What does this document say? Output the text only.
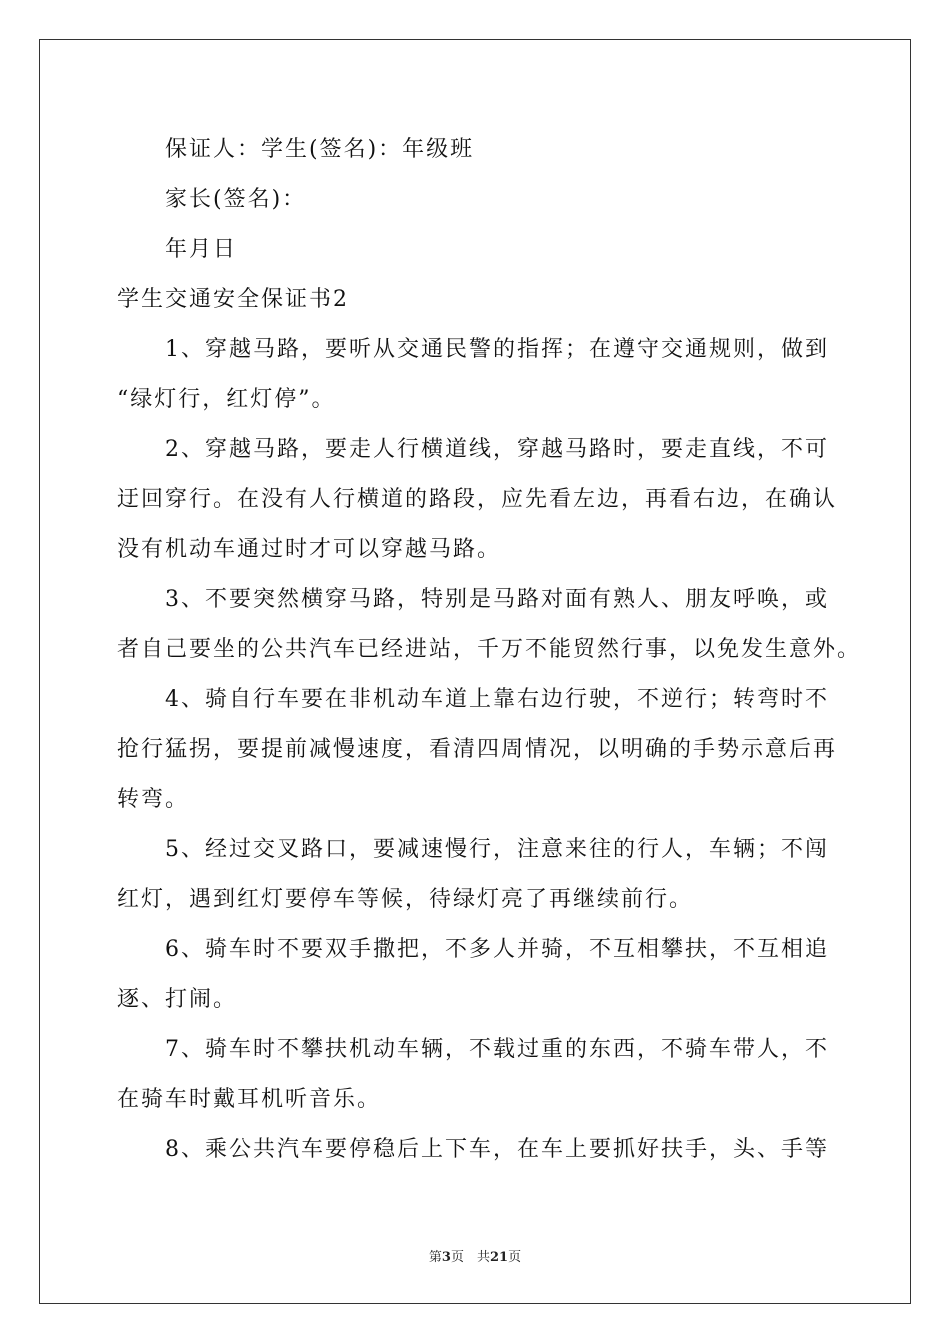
保证人：学生(签名)：年级班
家长(签名)：
年月日
学生交通安全保证书2
1、穿越马路，要听从交通民警的指挥；在遵守交通规则，做到
“绿灯行，红灯停”。
2、穿越马路，要走人行横道线，穿越马路时，要走直线，不可
迂回穿行。在没有人行横道的路段，应先看左边，再看右边，在确认
没有机动车通过时才可以穿越马路。
3、不要突然横穿马路，特别是马路对面有熟人、朋友呼唤，或
者自己要坐的公共汽车已经进站，千万不能贸然行事，以免发生意外。
4、骑自行车要在非机动车道上靠右边行驶，不逆行；转弯时不
抢行猛拐，要提前减慢速度，看清四周情况，以明确的手势示意后再
转弯。
5、经过交叉路口，要减速慢行，注意来往的行人，车辆；不闯
红灯，遇到红灯要停车等候，待绿灯亮了再继续前行。
6、骑车时不要双手撒把，不多人并骑，不互相攀扶，不互相追
逐、打闹。
7、骑车时不攀扶机动车辆，不载过重的东西，不骑车带人，不
在骑车时戴耳机听音乐。
8、乘公共汽车要停稳后上下车，在车上要抓好扶手，头、手等
第3页　共21页
